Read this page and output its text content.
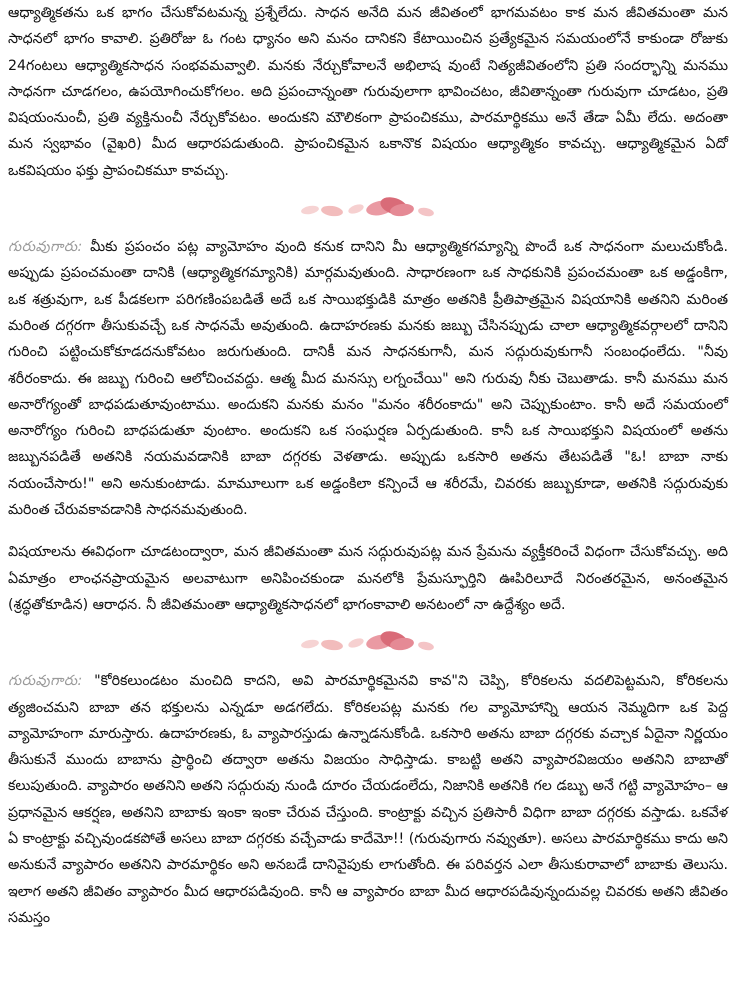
ఆధ్యాత్మికతను ఒక భాగం చేసుకోవటమన్న ప్రశ్నేలేదు. సాధన అనేది మన జీవితంలో భాగమవటం కాక మన జీవితమంతా మన సాధనలో భాగం కావాలి. ప్రతిరోజు ఓ గంట ధ్యానం అని మనం దానికని కేటాయించిన ప్రత్యేకమైన సమయంలోనే కాకుండా రోజుకు 24గంటలు ఆధ్యాత్మికసాధన సంభవమవ్వాలి. మనకు నేర్చుకోవాలనే అభిలాష వుంటే నిత్యజీవితంలోని ప్రతి సందర్భాన్ని మనము సాధనగా చూడగలం, ఉపయోగించుకోగలం. అది ప్రపంచాన్నంతా గురువులాగా భావించటం, జీవితాన్నంతా గురువుగా చూడటం, ప్రతి విషయంనుంచీ, ప్రతి వ్యక్తినుంచీ నేర్చుకోవటం. అందుకని మౌలికంగా ప్రాపంచికము, పారమార్థికము అనే తేడా ఏమీ లేదు. అదంతా మన స్వభావం (వైఖరి) మీద ఆధారపడుతుంది. ప్రాపంచికమైన ఒకానొక విషయం ఆధ్యాత్మికం కావచ్చు. ఆధ్యాత్మికమైన ఏదో ఒకవిషయం ఫక్తు ప్రాపంచికమూ కావచ్చు.

గురువుగారు: మీకు ప్రపంచం పట్ల వ్యామోహం వుంది కనుక దానిని మీ ఆధ్యాత్మికగమ్యాన్ని పొందే ఒక సాధనంగా మలుచుకోండి. అప్పుడు ప్రపంచమంతా దానికి (ఆధ్యాత్మికగమ్యానికి) మార్గమవుతుంది. సాధారణంగా ఒక సాధకునికి ప్రపంచమంతా ఒక అడ్డంకిగా, ఒక శత్రువుగా, ఒక పీడకలగా పరిగణింపబడితే అదే ఒక సాయిభక్తుడికి మాత్రం అతనికి ప్రీతిపాత్రమైన విషయానికి అతనిని మరింత మరింత దగ్గరగా తీసుకువచ్చే ఒక సాధనమే అవుతుంది. ఉదాహరణకు మనకు జబ్బు చేసినప్పుడు చాలా ఆధ్యాత్మికవర్గాలలో దానిని గురించి పట్టించుకోకూడదనుకోవటం జరుగుతుంది. దానికీ మన సాధనకుగానీ, మన సద్గురువుకుగానీ సంబంధంలేదు. "నీవు శరీరంకాదు. ఈ జబ్బు గురించి ఆలోచించవద్దు. ఆత్మ మీద మనస్సు లగ్నంచేయి" అని గురువు నీకు చెబుతాడు. కానీ మనము మన అనారోగ్యంతో బాధపడుతూవుంటాము. అందుకని మనకు మనం "మనం శరీరంకాదు" అని చెప్పుకుంటాం. కానీ అదే సమయంలో అనారోగ్యం గురించి బాధపడుతూ వుంటాం. అందుకని ఒక సంఘర్షణ ఏర్పడుతుంది. కానీ ఒక సాయిభక్తుని విషయంలో అతను జబ్బునపడితే అతనికి నయమవడానికి బాబా దగ్గరకు వెళతాడు. అప్పుడు ఒకసారి అతను తేటపడితే "ఓ! బాబా నాకు నయంచేసారు!" అని అనుకుంటాడు. మామూలుగా ఒక అడ్డంకిలా కన్పించే ఆ శరీరమే, చివరకు జబ్బుకూడా, అతనికి సద్గురువుకు మరింత చేరువకావడానికి సాధనమవుతుంది.

విషయాలను ఈవిధంగా చూడటంద్వారా, మన జీవితమంతా మన సద్గురువుపట్ల మన ప్రేమను వ్యక్తీకరించే విధంగా చేసుకోవచ్చు. అది ఏమాత్రం లాంఛనప్రాయమైన అలవాటుగా అనిపించకుండా మనలోకి ప్రేమస్ఫూర్తిని ఊపిరిలూదే నిరంతరమైన, అనంతమైన (శ్రద్ధతోకూడిన) ఆరాధన. నీ జీవితమంతా ఆధ్యాత్మికసాధనలో భాగంకావాలి అనటంలో నా ఉద్దేశ్యం అదే.

గురువుగారు: "కోరికలుండటం మంచిది కాదని, అవి పారమార్థికమైనవి కావ"ని చెప్పి, కోరికలను వదలిపెట్టమని, కోరికలను త్యజించమని బాబా తన భక్తులను ఎన్నడూ అడగలేదు. కోరికలపట్ల మనకు గల వ్యామోహాన్ని ఆయన నెమ్మదిగా ఒక పెద్ద వ్యామోహంగా మారుస్తారు. ఉదాహరణకు, ఓ వ్యాపారస్తుడు ఉన్నాడనుకోండి. ఒకసారి అతను బాబా దగ్గరకు వచ్చాక ఏదైనా నిర్ణయం తీసుకునే ముందు బాబాను ప్రార్థించి తద్వారా అతను విజయం సాధిస్తాడు. కాబట్టి అతని వ్యాపారవిజయం అతనిని బాబాతో కలుపుతుంది. వ్యాపారం అతనిని అతని సద్గురువు నుండి దూరం చేయడంలేదు, నిజానికి అతనికి గల డబ్బు అనే గట్టి వ్యామోహం– ఆ ప్రధానమైన ఆకర్షణ, అతనిని బాబాకు ఇంకా ఇంకా చేరువ చేస్తుంది. కాంట్రాక్టు వచ్చిన ప్రతిసారీ విధిగా బాబా దగ్గరకు వస్తాడు. ఒకవేళ ఏ కాంట్రాక్టు వచ్చివుండకపోతే అసలు బాబా దగ్గరకు వచ్చేవాడు కాదేమో!! (గురువుగారు నవ్వుతూ). అసలు పారమార్థికము కాదు అని అనుకునే వ్యాపారం అతనిని పారమార్థికం అని అనబడే దానివైపుకు లాగుతోంది. ఈ పరివర్తన ఎలా తీసుకురావాలో బాబాకు తెలుసు. ఇలాగ అతని జీవితం వ్యాపారం మీద ఆధారపడివుంది. కానీ ఆ వ్యాపారం బాబా మీద ఆధారపడివున్నందువల్ల చివరకు అతని జీవితం సమస్తం
